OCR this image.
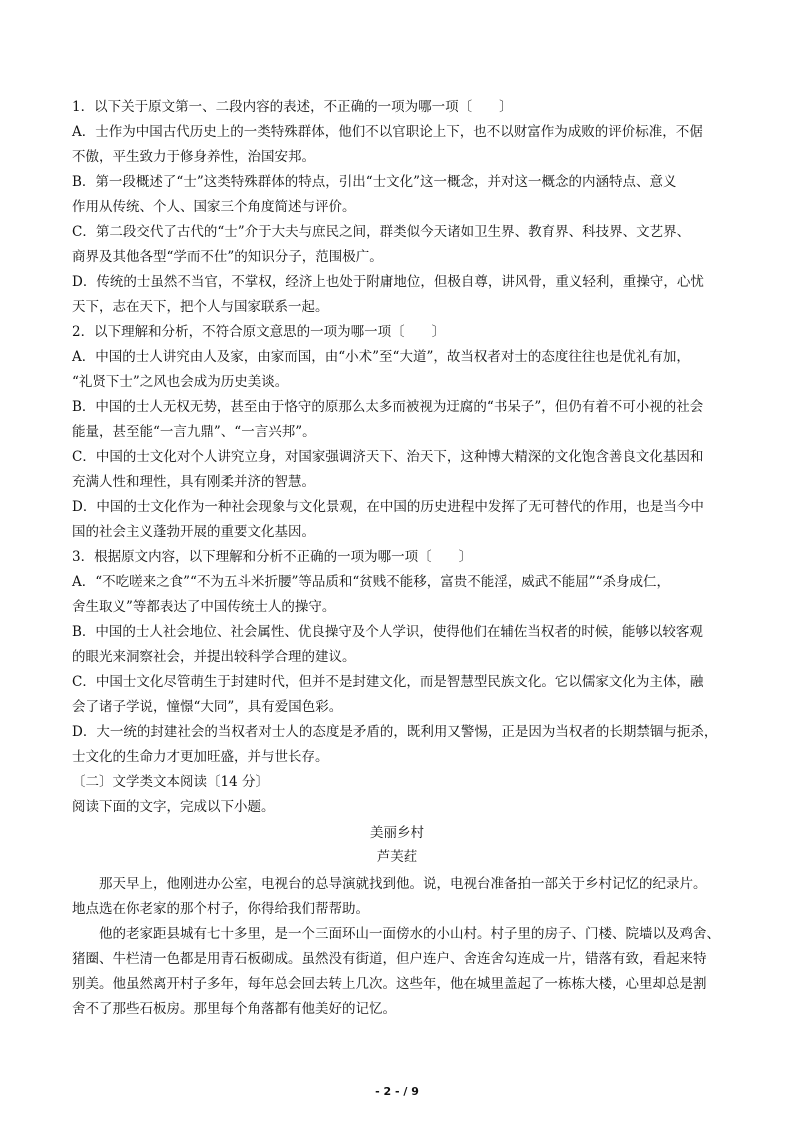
1．以下关于原文第一、二段内容的表述，不正确的一项为哪一项〔　　〕
A．士作为中国古代历史上的一类特殊群体，他们不以官职论上下，也不以财富作为成败的评价标准，不倨
不傲，平生致力于修身养性，治国安邦。
B．第一段概述了“士”这类特殊群体的特点，引出“士文化”这一概念，并对这一概念的内涵特点、意义
作用从传统、个人、国家三个角度简述与评价。
C．第二段交代了古代的“士”介于大夫与庶民之间，群类似今天诸如卫生界、教育界、科技界、文艺界、
商界及其他各型“学而不仕”的知识分子，范围极广。
D．传统的士虽然不当官，不掌权，经济上也处于附庸地位，但极自尊，讲风骨，重义轻利，重操守，心忧
天下，志在天下，把个人与国家联系一起。
2．以下理解和分析，不符合原文意思的一项为哪一项〔　　〕
A．中国的士人讲究由人及家，由家而国，由“小术”至“大道”，故当权者对士的态度往往也是优礼有加，
“礼贤下士”之风也会成为历史美谈。
B．中国的士人无权无势，甚至由于恪守的原那么太多而被视为迂腐的“书呆子”，但仍有着不可小视的社会
能量，甚至能“一言九鼎”、“一言兴邦”。
C．中国的士文化对个人讲究立身，对国家强调济天下、治天下，这种博大精深的文化饱含善良文化基因和
充满人性和理性，具有刚柔并济的智慧。
D．中国的士文化作为一种社会现象与文化景观，在中国的历史进程中发挥了无可替代的作用，也是当今中
国的社会主义蓬勃开展的重要文化基因。
3．根据原文内容，以下理解和分析不正确的一项为哪一项〔　　〕
A．“不吃嗟来之食”“不为五斗米折腰”等品质和“贫贱不能移，富贵不能淫，威武不能屈”“杀身成仁，
舍生取义”等都表达了中国传统士人的操守。
B．中国的士人社会地位、社会属性、优良操守及个人学识，使得他们在辅佐当权者的时候，能够以较客观
的眼光来洞察社会，并提出较科学合理的建议。
C．中国士文化尽管萌生于封建时代，但并不是封建文化，而是智慧型民族文化。它以儒家文化为主体，融
会了诸子学说，憧憬“大同”，具有爱国色彩。
D．大一统的封建社会的当权者对士人的态度是矛盾的，既利用又警惕，正是因为当权者的长期禁锢与扼杀，
士文化的生命力才更加旺盛，并与世长存。
〔二〕文学类文本阅读〔14 分〕
阅读下面的文字，完成以下小题。
美丽乡村
芦芙荭
　　那天早上，他刚进办公室，电视台的总导演就找到他。说，电视台准备拍一部关于乡村记忆的纪录片。
地点选在你老家的那个村子，你得给我们帮帮助。
　　他的老家距县城有七十多里，是一个三面环山一面傍水的小山村。村子里的房子、门楼、院墙以及鸡舍、
猪圈、牛栏清一色都是用青石板砌成。虽然没有街道，但户连户、舍连舍勾连成一片，错落有致，看起来特
别美。他虽然离开村子多年，每年总会回去转上几次。这些年，他在城里盖起了一栋栋大楼，心里却总是割
舍不了那些石板房。那里每个角落都有他美好的记忆。
- 2 - / 9
